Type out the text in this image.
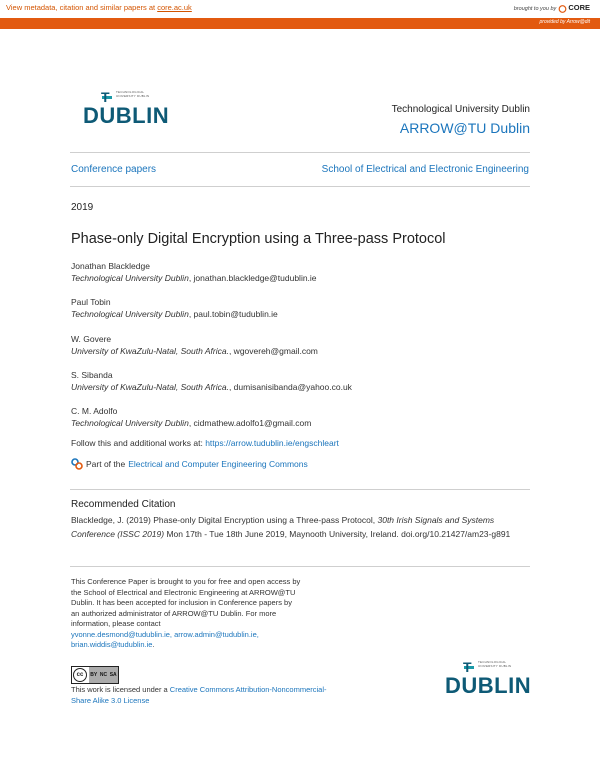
View metadata, citation and similar papers at core.ac.uk	brought to you by CORE
provided by Arrow@dit
T TECHNOLOGICAL UNIVERSITY DUBLIN
DUBLIN	Technological University Dublin
ARROW@TU Dublin
Conference papers	School of Electrical and Electronic Engineering
2019
Phase-only Digital Encryption using a Three-pass Protocol
Jonathan Blackledge
Technological University Dublin, jonathan.blackledge@tudublin.ie
Paul Tobin
Technological University Dublin, paul.tobin@tudublin.ie
W. Govere
University of KwaZulu-Natal, South Africa., wgovereh@gmail.com
S. Sibanda
University of KwaZulu-Natal, South Africa., dumisanisibanda@yahoo.co.uk
C. M. Adolfo
Technological University Dublin, cidmathew.adolfo1@gmail.com
Follow this and additional works at: https://arrow.tudublin.ie/engschleart
Part of the Electrical and Computer Engineering Commons
Recommended Citation
Blackledge, J. (2019) Phase-only Digital Encryption using a Three-pass Protocol, 30th Irish Signals and Systems Conference (ISSC 2019) Mon 17th - Tue 18th June 2019, Maynooth University, Ireland. doi.org/10.21427/am23-g891
This Conference Paper is brought to you for free and open access by the School of Electrical and Electronic Engineering at ARROW@TU Dublin. It has been accepted for inclusion in Conference papers by an authorized administrator of ARROW@TU Dublin. For more information, please contact
yvonne.desmond@tudublin.ie, arrow.admin@tudublin.ie, brian.widdis@tudublin.ie.
cc	BY NC SA
This work is licensed under a Creative Commons Attribution-Noncommercial-Share Alike 3.0 License
T TECHNOLOGICAL UNIVERSITY DUBLIN
DUBLIN
